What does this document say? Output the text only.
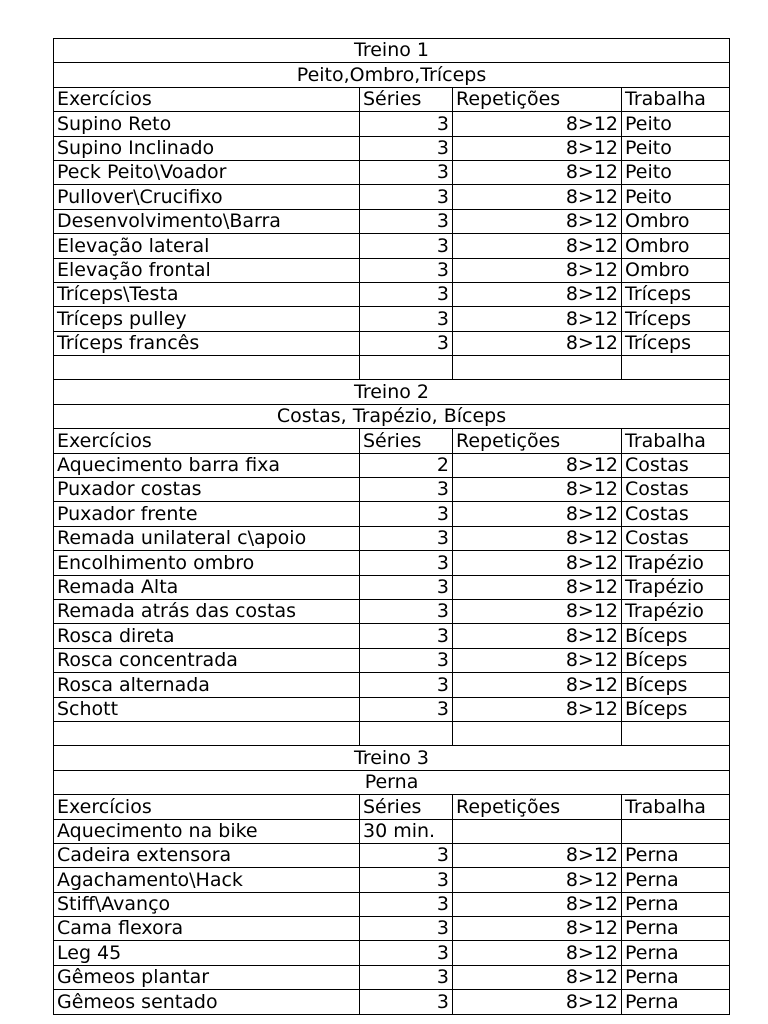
Treino 1			
Peito,Ombro,Tríceps			
Exercícios	Séries	Repetições	Trabalha
Supino Reto	3	8>12	Peito
Supino Inclinado	3	8>12	Peito
Peck Peito\Voador	3	8>12	Peito
Pullover\Crucifixo	3	8>12	Peito
Desenvolvimento\Barra	3	8>12	Ombro
Elevação lateral	3	8>12	Ombro
Elevação frontal	3	8>12	Ombro
Tríceps\Testa	3	8>12	Tríceps
Tríceps pulley	3	8>12	Tríceps
Tríceps francês	3	8>12	Tríceps

Treino 2			
Costas, Trapézio, Bíceps			
Exercícios	Séries	Repetições	Trabalha
Aquecimento barra fixa	2	8>12	Costas
Puxador costas	3	8>12	Costas
Puxador frente	3	8>12	Costas
Remada unilateral c\apoio	3	8>12	Costas
Encolhimento ombro	3	8>12	Trapézio
Remada Alta	3	8>12	Trapézio
Remada atrás das costas	3	8>12	Trapézio
Rosca direta	3	8>12	Bíceps
Rosca concentrada	3	8>12	Bíceps
Rosca alternada	3	8>12	Bíceps
Schott	3	8>12	Bíceps

Treino 3			
Perna			
Exercícios	Séries	Repetições	Trabalha
Aquecimento na bike	30 min.		
Cadeira extensora	3	8>12	Perna
Agachamento\Hack	3	8>12	Perna
Stiff\Avanço	3	8>12	Perna
Cama flexora	3	8>12	Perna
Leg 45	3	8>12	Perna
Gêmeos plantar	3	8>12	Perna
Gêmeos sentado	3	8>12	Perna
